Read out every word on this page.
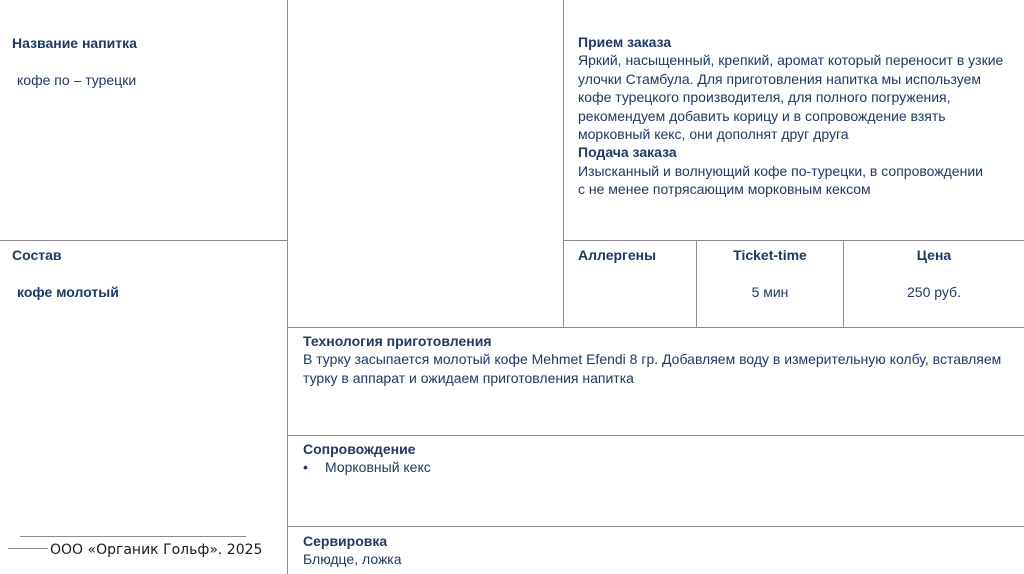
Название напитка
кофе по – турецки
Состав
кофе молотый

Прием заказа

Яркий, насыщенный, крепкий, аромат который переносит в узкие улочки Стамбула. Для приготовления напитка мы используем кофе турецкого производителя, для полного погружения, рекомендуем добавить корицу и в сопровождение взять морковный кекс, они дополнят друг друга

Подача заказа

Изысканный и волнующий кофе по-турецки, в сопровождении с не менее потрясающим морковным кексом

Аллергены	Ticket-time
5 мин
Цена
250 руб.

Технология приготовления

В турку засыпается молотый кофе Mehmet Efendi 8 гр. Добавляем воду в измерительную колбу, вставляем турку в аппарат и ожидаем приготовления напитка

Сопровождение

• Морковный кекс

Сервировка

Блюдце, ложка

ООО «Органик Гольф». 2025
